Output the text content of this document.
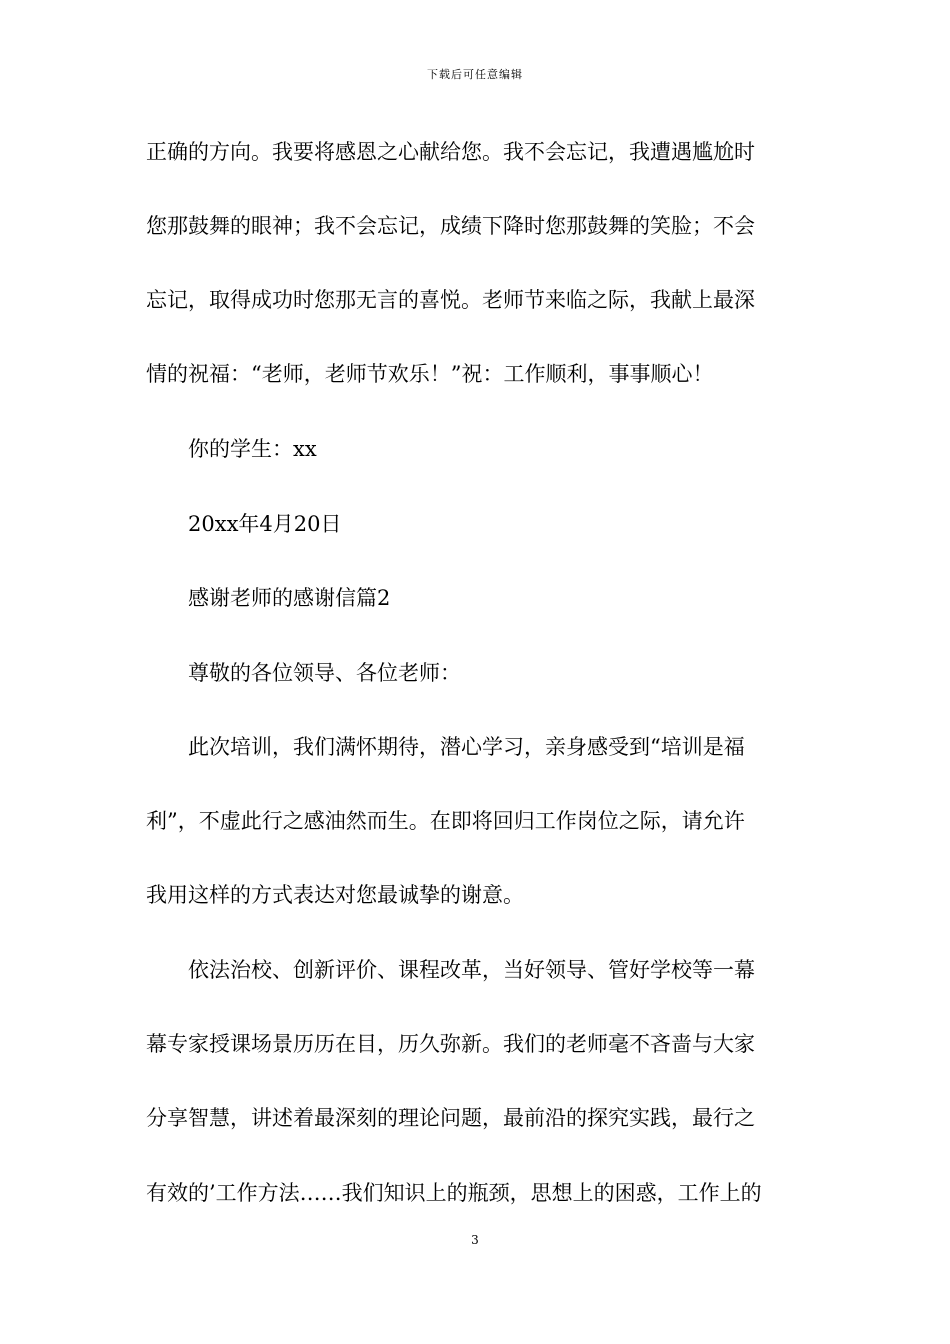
下载后可任意编辑
正确的方向。我要将感恩之心献给您。我不会忘记，我遭遇尴尬时
您那鼓舞的眼神；我不会忘记，成绩下降时您那鼓舞的笑脸；不会
忘记，取得成功时您那无言的喜悦。老师节来临之际，我献上最深
情的祝福：“老师，老师节欢乐！”祝：工作顺利，事事顺心！
你的学生：xx
20xx年4月20日
感谢老师的感谢信篇2
尊敬的各位领导、各位老师：
此次培训，我们满怀期待，潜心学习，亲身感受到“培训是福
利”，不虚此行之感油然而生。在即将回归工作岗位之际，请允许
我用这样的方式表达对您最诚挚的谢意。
依法治校、创新评价、课程改革，当好领导、管好学校等一幕
幕专家授课场景历历在目，历久弥新。我们的老师毫不吝啬与大家
分享智慧，讲述着最深刻的理论问题，最前沿的探究实践，最行之
有效的’工作方法……我们知识上的瓶颈，思想上的困惑，工作上的
3
